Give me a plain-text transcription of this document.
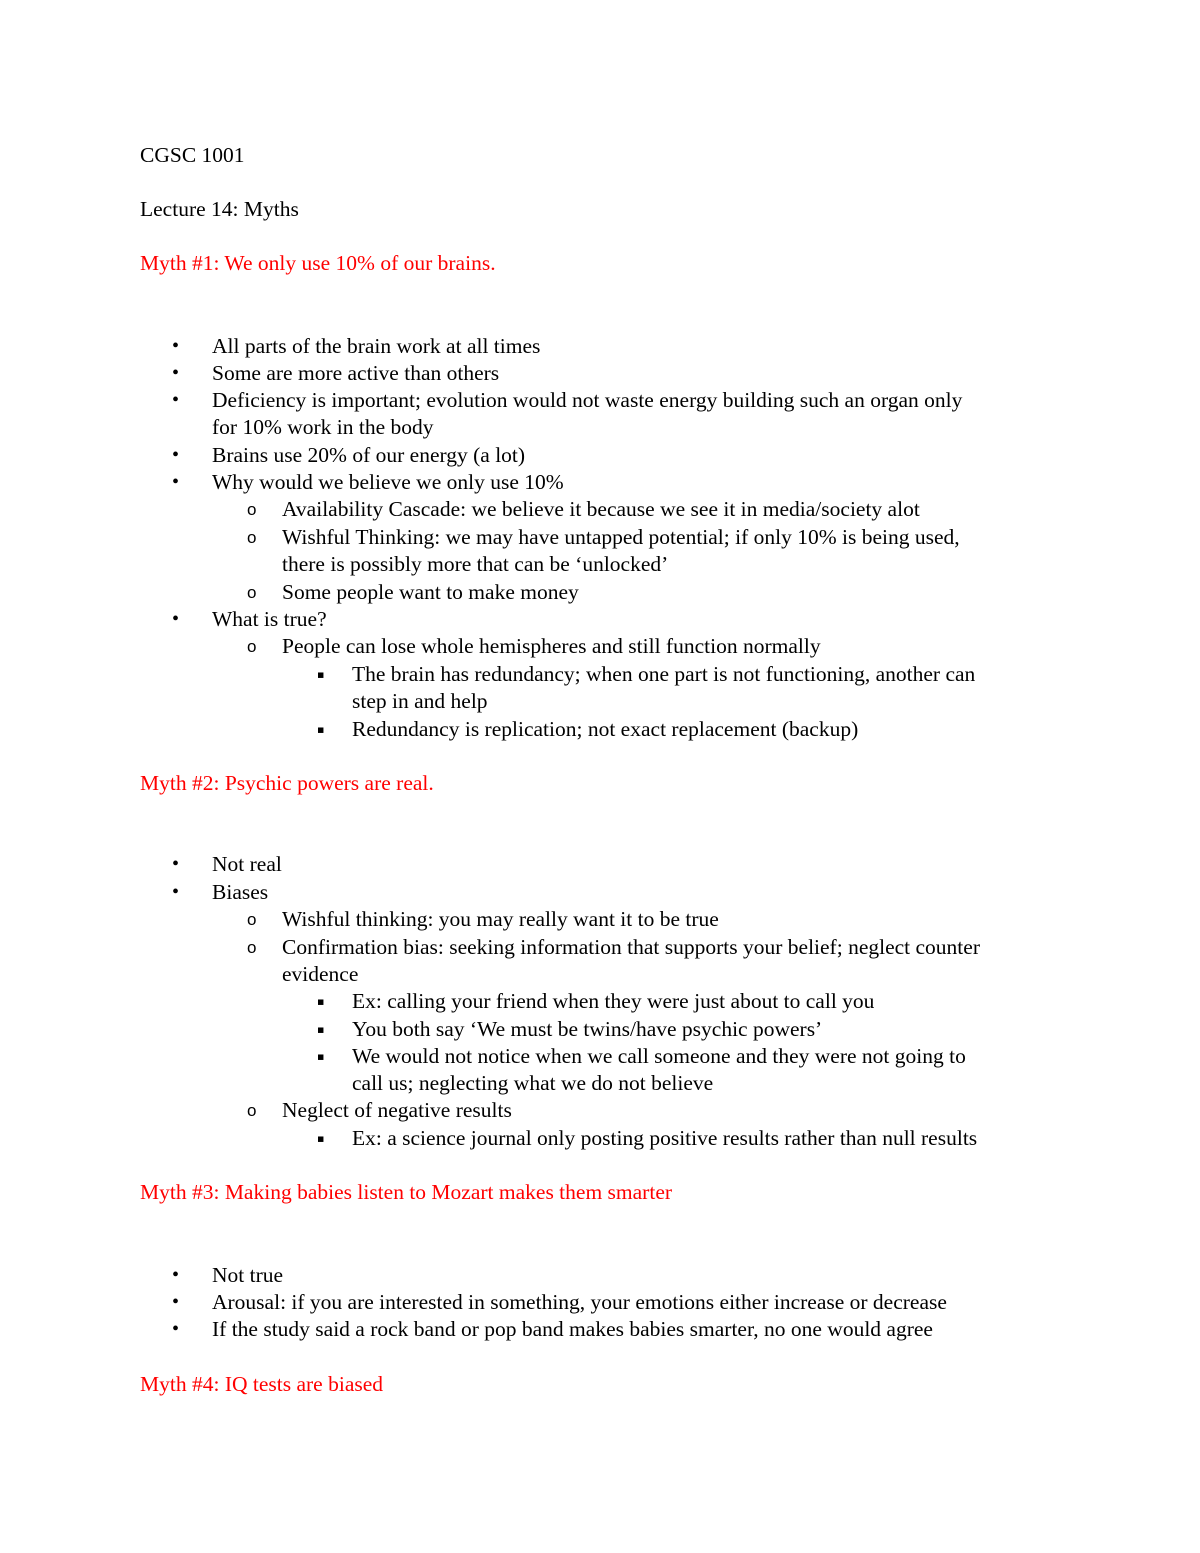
CGSC 1001
Lecture 14: Myths
Myth #1: We only use 10% of our brains.
• All parts of the brain work at all times
• Some are more active than others
• Deficiency is important; evolution would not waste energy building such an organ only
for 10% work in the body
• Brains use 20% of our energy (a lot)
• Why would we believe we only use 10%
o Availability Cascade: we believe it because we see it in media/society alot
o Wishful Thinking: we may have untapped potential; if only 10% is being used,
there is possibly more that can be ‘unlocked’
o Some people want to make money
• What is true?
o People can lose whole hemispheres and still function normally
▪ The brain has redundancy; when one part is not functioning, another can
step in and help
▪ Redundancy is replication; not exact replacement (backup)
Myth #2: Psychic powers are real.
• Not real
• Biases
o Wishful thinking: you may really want it to be true
o Confirmation bias: seeking information that supports your belief; neglect counter
evidence
▪ Ex: calling your friend when they were just about to call you
▪ You both say ‘We must be twins/have psychic powers’
▪ We would not notice when we call someone and they were not going to
call us; neglecting what we do not believe
o Neglect of negative results
▪ Ex: a science journal only posting positive results rather than null results
Myth #3: Making babies listen to Mozart makes them smarter
• Not true
• Arousal: if you are interested in something, your emotions either increase or decrease
• If the study said a rock band or pop band makes babies smarter, no one would agree
Myth #4: IQ tests are biased
